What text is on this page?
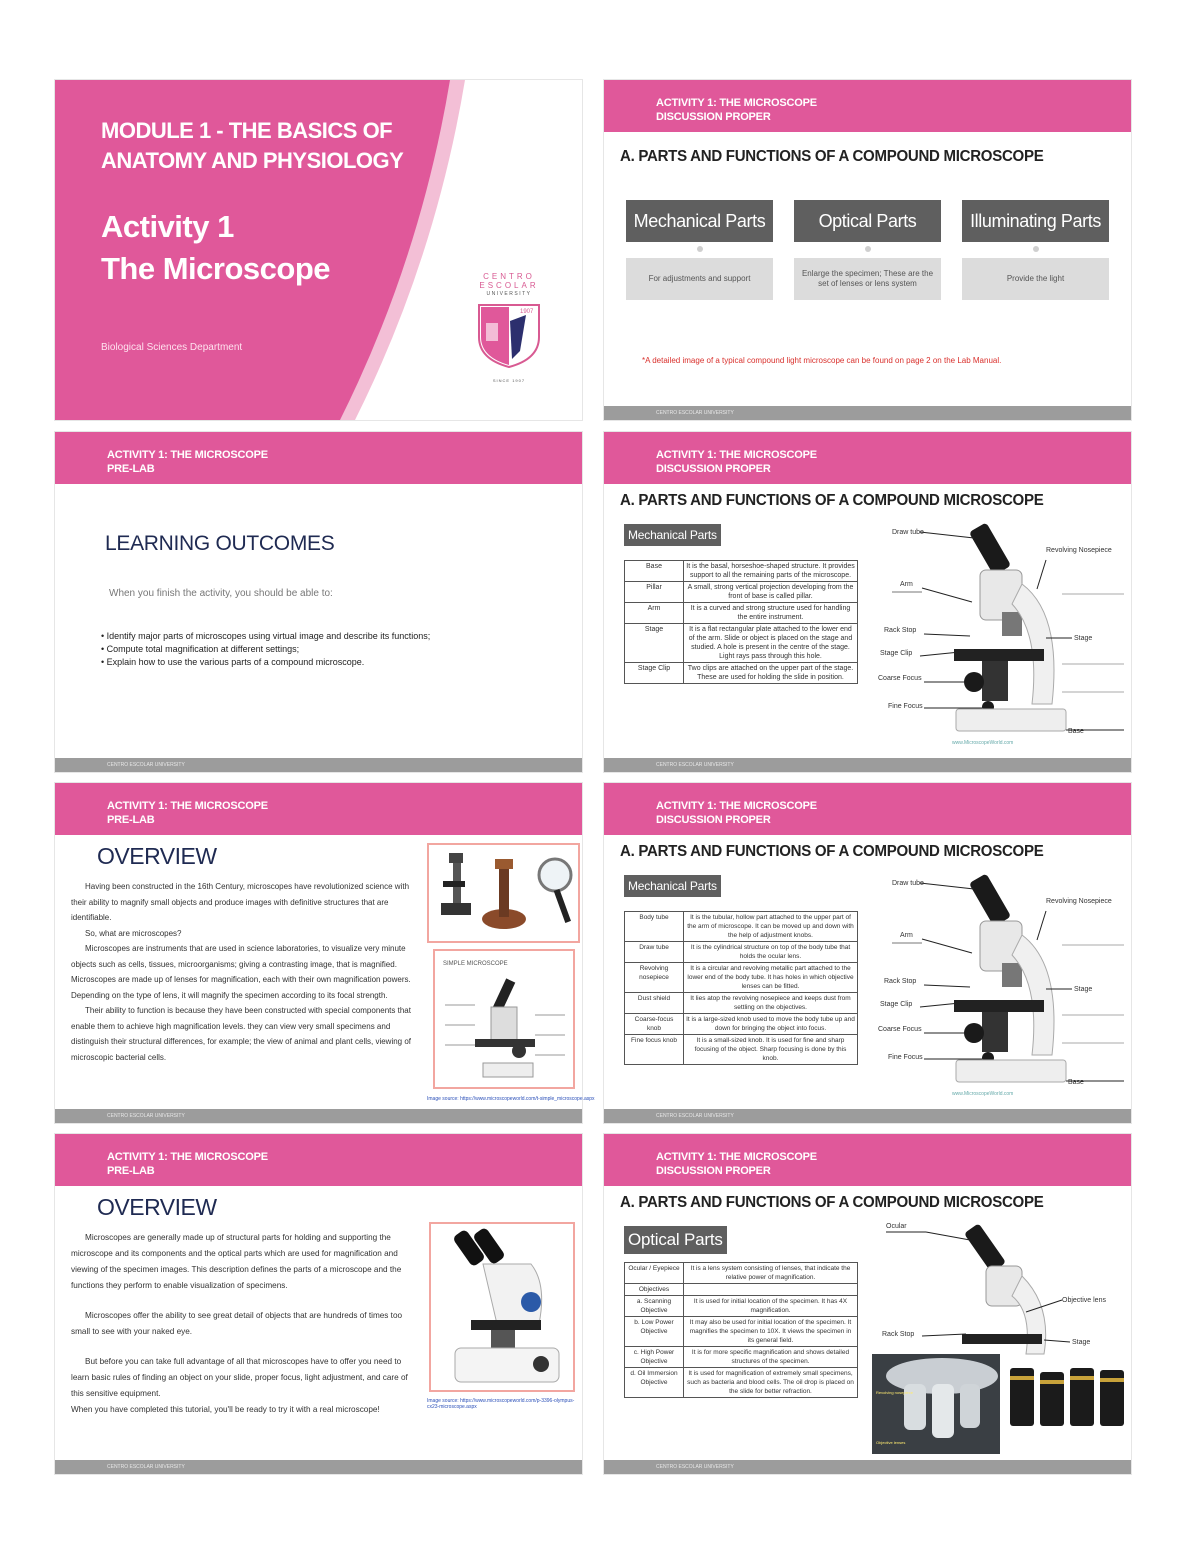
MODULE 1 - THE BASICS OF ANATOMY AND PHYSIOLOGY
Activity 1
The Microscope
Biological Sciences Department
CENTRO
ESCOLAR
UNIVERSITY
1907
SINCE 1907
ACTIVITY 1: THE MICROSCOPE
DISCUSSION PROPER
A. PARTS AND FUNCTIONS OF A COMPOUND MICROSCOPE
Mechanical Parts	Optical Parts	Illuminating Parts
For adjustments and support
Enlarge the specimen; These are the set of lenses or lens system
Provide the light
*A detailed image of a typical compound light microscope can be found on page 2 on the Lab Manual.
CENTRO ESCOLAR UNIVERSITY
ACTIVITY 1: THE MICROSCOPE
PRE-LAB
LEARNING OUTCOMES
When you finish the activity, you should be able to:
• Identify major parts of microscopes using virtual image and describe its functions;
• Compute total magnification at different settings;
• Explain how to use the various parts of a compound microscope.
CENTRO ESCOLAR UNIVERSITY
ACTIVITY 1: THE MICROSCOPE
DISCUSSION PROPER
A. PARTS AND FUNCTIONS OF A COMPOUND MICROSCOPE
Mechanical Parts
Base	It is the basal, horseshoe-shaped structure. It provides support to all the remaining parts of the microscope.
Pillar	A small, strong vertical projection developing from the front of base is called pillar.
Arm	It is a curved and strong structure used for handling the entire instrument.
Stage	It is a flat rectangular plate attached to the lower end of the arm. Slide or object is placed on the stage and studied. A hole is present in the centre of the stage. Light rays pass through this hole.
Stage Clip	Two clips are attached on the upper part of the stage. These are used for holding the slide in position.
Draw tube
Revolving Nosepiece
Arm
Rack Stop
Stage
Stage Clip
Coarse Focus
Fine Focus
Base
www.MicroscopeWorld.com
CENTRO ESCOLAR UNIVERSITY
ACTIVITY 1: THE MICROSCOPE
PRE-LAB
OVERVIEW

Having been constructed in the 16th Century, microscopes have revolutionized science with their ability to magnify small objects and produce images with definitive structures that are identifiable.

So, what are microscopes?

Microscopes are instruments that are used in science laboratories, to visualize very minute objects such as cells, tissues, microorganisms; giving a contrasting image, that is magnified. Microscopes are made up of lenses for magnification, each with their own magnification powers. Depending on the type of lens, it will magnify the specimen according to its focal strength.

Their ability to function is because they have been constructed with special components that enable them to achieve high magnification levels. they can view very small specimens and distinguish their structural differences, for example; the view of animal and plant cells, viewing of microscopic bacterial cells.

SIMPLE MICROSCOPE
Image source: https://www.microscopeworld.com/t-simple_microscope.aspx
CENTRO ESCOLAR UNIVERSITY
ACTIVITY 1: THE MICROSCOPE
DISCUSSION PROPER
A. PARTS AND FUNCTIONS OF A COMPOUND MICROSCOPE
Mechanical Parts
Body tube	It is the tubular, hollow part attached to the upper part of the arm of microscope. It can be moved up and down with the help of adjustment knobs.
Draw tube	It is the cylindrical structure on top of the body tube that holds the ocular lens.
Revolving nosepiece	It is a circular and revolving metallic part attached to the lower end of the body tube. It has holes in which objective lenses can be fitted.
Dust shield	It lies atop the revolving nosepiece and keeps dust from settling on the objectives.
Coarse-focus knob	It is a large-sized knob used to move the body tube up and down for bringing the object into focus.
Fine focus knob	It is a small-sized knob. It is used for fine and sharp focusing of the object. Sharp focusing is done by this knob.
Draw tube
Revolving Nosepiece
Arm
Rack Stop
Stage
Stage Clip
Coarse Focus
Fine Focus
Base
www.MicroscopeWorld.com
CENTRO ESCOLAR UNIVERSITY
ACTIVITY 1: THE MICROSCOPE
PRE-LAB
OVERVIEW

Microscopes are generally made up of structural parts for holding and supporting the microscope and its components and the optical parts which are used for magnification and viewing of the specimen images. This description defines the parts of a microscope and the functions they perform to enable visualization of specimens.

Microscopes offer the ability to see great detail of objects that are hundreds of times too small to see with your naked eye.

But before you can take full advantage of all that microscopes have to offer you need to learn basic rules of finding an object on your slide, proper focus, light adjustment, and care of this sensitive equipment.

When you have completed this tutorial, you'll be ready to try it with a real microscope!

Image source: https://www.microscopeworld.com/p-3396-olympus-cx23-microscope.aspx
CENTRO ESCOLAR UNIVERSITY
ACTIVITY 1: THE MICROSCOPE
DISCUSSION PROPER
A. PARTS AND FUNCTIONS OF A COMPOUND MICROSCOPE
Optical Parts
Ocular / Eyepiece	It is a lens system consisting of lenses, that indicate the relative power of magnification.
Objectives	
a. Scanning Objective	It is used for initial location of the specimen. It has 4X magnification.
b. Low Power Objective	It may also be used for initial location of the specimen. It magnifies the specimen to 10X. It views the specimen in its general field.
c. High Power Objective	It is for more specific magnification and shows detailed structures of the specimen.
d. Oil Immersion Objective	It is used for magnification of extremely small specimens, such as bacteria and blood cells. The oil drop is placed on the slide for better refraction.
Ocular
Objective lens
Rack Stop
Stage
Revolving nosepiece
Objective lenses
CENTRO ESCOLAR UNIVERSITY
